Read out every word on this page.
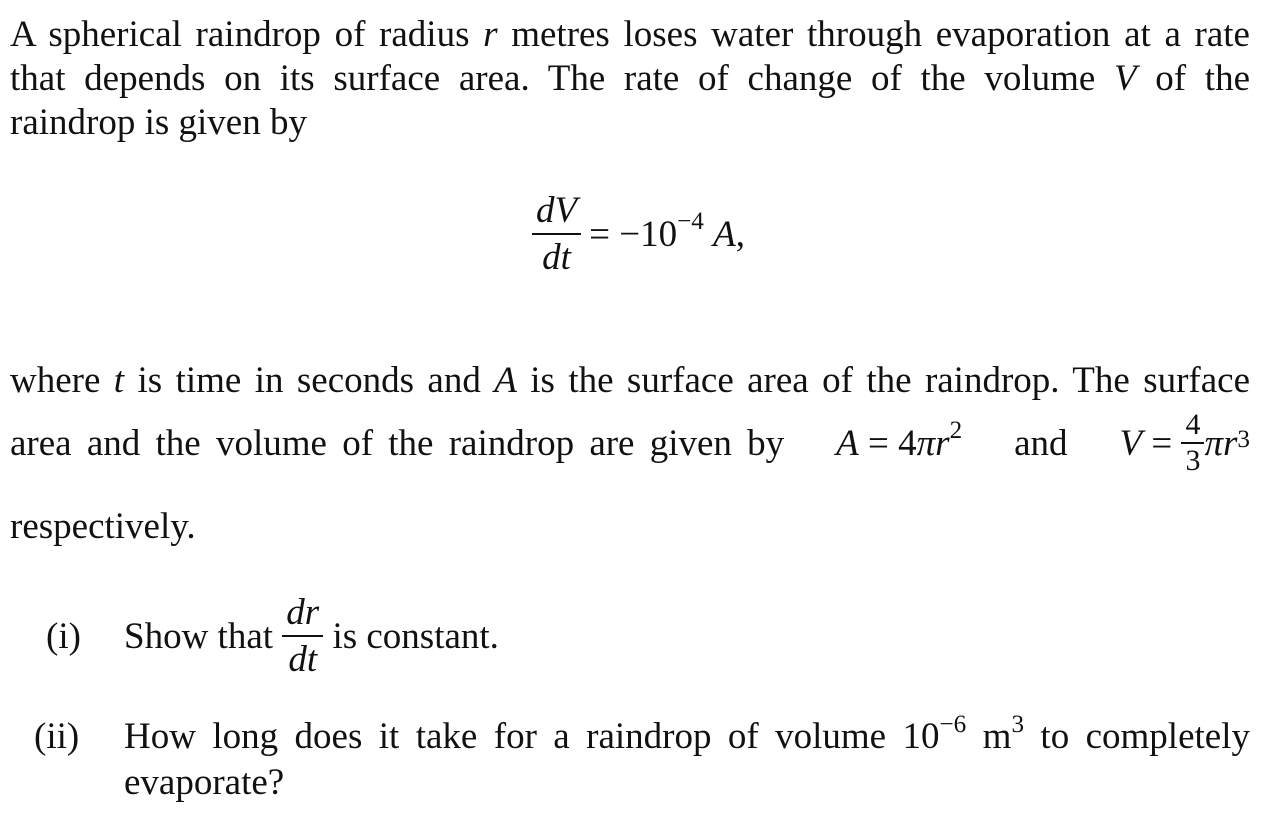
A spherical raindrop of radius r metres loses water through evaporation at a rate
that depends on its surface area. The rate of change of the volume V of the
raindrop is given by
$\frac{dV}{dt} = -10^{-4}$ A,
where t is time in seconds and A is the surface area of the raindrop. The surface
area and the volume of the raindrop are given by $A = 4\pi r^2$ and $V = \frac{4}{3} \pi r^3$
respectively.
(i) Show that $\frac{dr}{dt}$ is constant.
(ii) How long does it take for a raindrop of volume $10^{-6}$ $m^3$ to completely
evaporate?
